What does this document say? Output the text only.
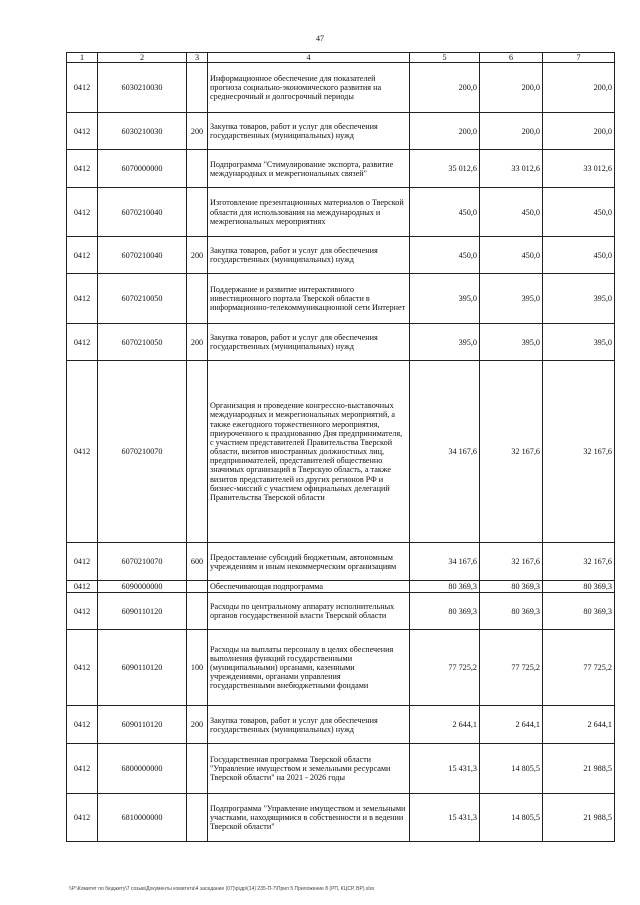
47
1	2	3	4	5	6	7
0412	6030210030		Информационное обеспечение для показателей прогноза социально-экономического развития на среднесрочный и долгосрочный периоды	200,0	200,0	200,0
0412	6030210030	200	Закупка товаров, работ и услуг для обеспечения государственных (муниципальных) нужд	200,0	200,0	200,0
0412	6070000000		Подпрограмма "Стимулирование экспорта, развитие международных и межрегиональных связей"	35 012,6	33 012,6	33 012,6
0412	6070210040		Изготовление презентационных материалов о Тверской области для использования на международных и межрегиональных мероприятиях	450,0	450,0	450,0
0412	6070210040	200	Закупка товаров, работ и услуг для обеспечения государственных (муниципальных) нужд	450,0	450,0	450,0
0412	6070210050		Поддержание и развитие интерактивного инвестиционного портала Тверской области в информационно-телекоммуникационной сети Интернет	395,0	395,0	395,0
0412	6070210050	200	Закупка товаров, работ и услуг для обеспечения государственных (муниципальных) нужд	395,0	395,0	395,0
0412	6070210070		Организация и проведение конгрессно-выставочных международных и межрегиональных мероприятий, а также ежегодного торжественного мероприятия, приуроченного к празднованию Дня предпринимателя, с участием представителей Правительства Тверской области, визитов иностранных должностных лиц, предпринимателей, представителей общественно значимых организаций в Тверскую область, а также визитов представителей из других регионов РФ и бизнес-миссий с участием официальных делегаций Правительства Тверской области	34 167,6	32 167,6	32 167,6
0412	6070210070	600	Предоставление субсидий бюджетным, автономным учреждениям и иным некоммерческим организациям	34 167,6	32 167,6	32 167,6
0412	6090000000		Обеспечивающая подпрограмма	80 369,3	80 369,3	80 369,3
0412	6090110120		Расходы по центральному аппарату исполнительных органов государственной власти Тверской области	80 369,3	80 369,3	80 369,3
0412	6090110120	100	Расходы на выплаты персоналу в целях обеспечения выполнения функций государственными (муниципальными) органами, казенными учреждениями, органами управления государственными внебюджетными фондами	77 725,2	77 725,2	77 725,2
0412	6090110120	200	Закупка товаров, работ и услуг для обеспечения государственных (муниципальных) нужд	2 644,1	2 644,1	2 644,1
0412	6800000000		Государственная программа Тверской области "Управление имуществом и земельными ресурсами Тверской области" на 2021 - 2026 годы	15 431,3	14 805,5	21 988,5
0412	6810000000		Подпрограмма "Управление имуществом и земельными участками, находящимися в собственности и в ведении Тверской области"	15 431,3	14 805,5	21 988,5
\\Р:\Комитет по бюджету\7 созыв\Документы комитета\4 заседание (07)\р\др\(14) 235-П-7\Прил 5 Приложение 8 (РП, КЦСР, ВР).xlsx
